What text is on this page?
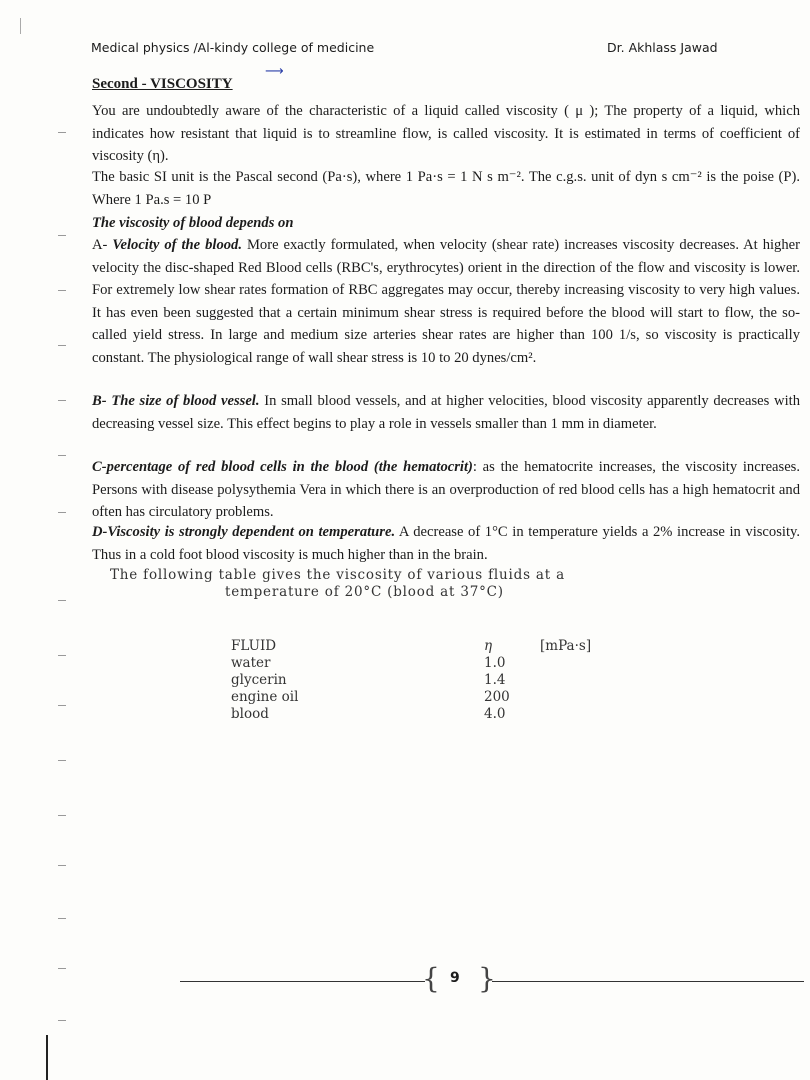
Medical physics /Al-kindy college of medicine	Dr. Akhlass Jawad
Second - VISCOSITY
⟶
You are undoubtedly aware of the characteristic of a liquid called viscosity ( μ ); The property of a liquid, which indicates how resistant that liquid is to streamline flow, is called viscosity. It is estimated in terms of coefficient of viscosity (η).
The basic SI unit is the Pascal second (Pa·s), where 1 Pa·s = 1 N s m⁻². The c.g.s. unit of dyn s cm⁻² is the poise (P). Where 1 Pa.s = 10 P
The viscosity of blood depends on
A- Velocity of the blood. More exactly formulated, when velocity (shear rate) increases viscosity decreases. At higher velocity the disc-shaped Red Blood cells (RBC's, erythrocytes) orient in the direction of the flow and viscosity is lower. For extremely low shear rates formation of RBC aggregates may occur, thereby increasing viscosity to very high values. It has even been suggested that a certain minimum shear stress is required before the blood will start to flow, the so-called yield stress. In large and medium size arteries shear rates are higher than 100 1/s, so viscosity is practically constant. The physiological range of wall shear stress is 10 to 20 dynes/cm².
B- The size of blood vessel. In small blood vessels, and at higher velocities, blood viscosity apparently decreases with decreasing vessel size. This effect begins to play a role in vessels smaller than 1 mm in diameter.
C-percentage of red blood cells in the blood (the hematocrit): as the hematocrite increases, the viscosity increases. Persons with disease polysythemia Vera in which there is an overproduction of red blood cells has a high hematocrit and often has circulatory problems.
D-Viscosity is strongly dependent on temperature. A decrease of 1°C in temperature yields a 2% increase in viscosity. Thus in a cold foot blood viscosity is much higher than in the brain.
The following table gives the viscosity of various fluids at a
temperature of 20°C (blood at 37°C)
FLUID	η	[mPa·s]
water	1.0	
glycerin	1.4	
engine oil	200	
blood	4.0	
{ }
9
